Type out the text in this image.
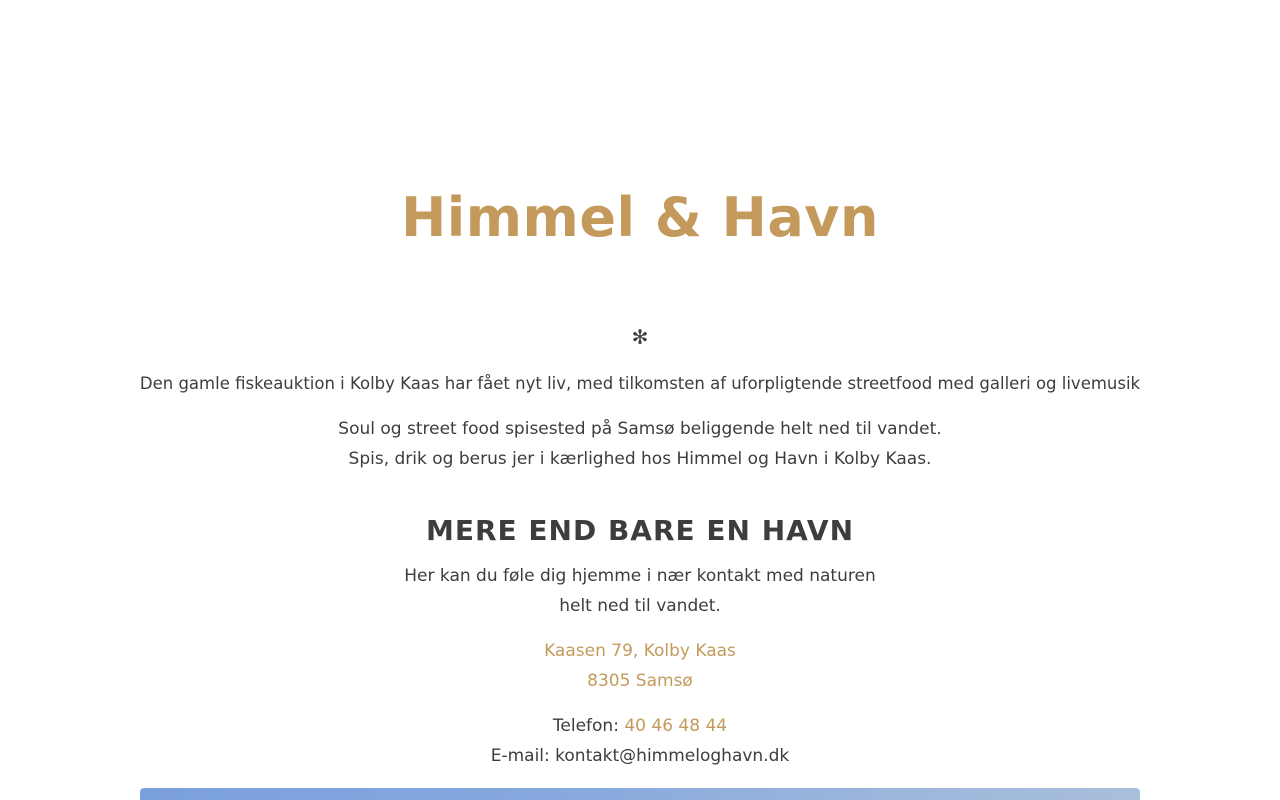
Himmel & Havn
✻
Den gamle fiskeauktion i Kolby Kaas har fået nyt liv, med tilkomsten af uforpligtende streetfood med galleri og livemusik
Soul og street food spisested på Samsø beliggende helt ned til vandet.
Spis, drik og berus jer i kærlighed hos Himmel og Havn i Kolby Kaas.
MERE END BARE EN HAVN
Her kan du føle dig hjemme i nær kontakt med naturen
helt ned til vandet.
Kaasen 79, Kolby Kaas
8305 Samsø
Telefon: 40 46 48 44
E-mail: kontakt@himmeloghavn.dk
